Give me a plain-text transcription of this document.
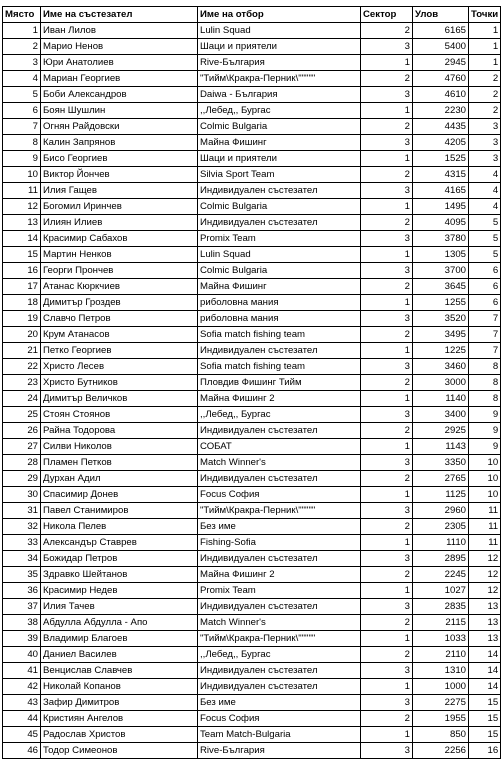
Място	Име на състезател	Име на отбор	Сектор	Улов	Точки
1	Иван Лилов	Lulin Squad	2	6165	1
2	Марио Ненов	Шаци и приятели	3	5400	1
3	Юри Анатолиев	Rive-България	1	2945	1
4	Мариан Георгиев	"Тийм\Кракра-Перник\"""""	2	4760	2
5	Боби Александров	Daiwa - България	3	4610	2
6	Боян Шушлин	,,Лебед,, Бургас	1	2230	2
7	Огнян Райдовски	Colmic Bulgaria	2	4435	3
8	Калин Запрянов	Майна Фишинг	3	4205	3
9	Бисо Георгиев	Шаци и приятели	1	1525	3
10	Виктор Йончев	Silvia Sport Team	2	4315	4
11	Илия Гащев	Индивидуален състезател	3	4165	4
12	Богомил Иринчев	Colmic Bulgaria	1	1495	4
13	Илиян Илиев	Индивидуален състезател	2	4095	5
14	Красимир Сабахов	Promix Team	3	3780	5
15	Мартин Ненков	Lulin Squad	1	1305	5
16	Георги Прончев	Colmic Bulgaria	3	3700	6
17	Атанас Кюркчиев	Майна Фишинг	2	3645	6
18	Димитър Гроздев	риболовна мания	1	1255	6
19	Славчо Петров	риболовна мания	3	3520	7
20	Крум Атанасов	Sofia match fishing team	2	3495	7
21	Петко Георгиев	Индивидуален състезател	1	1225	7
22	Христо Лесев	Sofia match fishing team	3	3460	8
23	Христо Бутников	Пловдив Фишинг Тийм	2	3000	8
24	Димитър Величков	Майна Фишинг 2	1	1140	8
25	Стоян Стоянов	,,Лебед,, Бургас	3	3400	9
26	Райна Тодорова	Индивидуален състезател	2	2925	9
27	Силви Николов	СОБАТ	1	1143	9
28	Пламен Петков	Match Winner's	3	3350	10
29	Дурхан Адил	Индивидуален състезател	2	2765	10
30	Спасимир Донев	Focus София	1	1125	10
31	Павел Станимиров	"Тийм\Кракра-Перник\"""""	3	2960	11
32	Никола Пелев	Без име	2	2305	11
33	Александър Ставрев	Fishing-Sofia	1	1110	11
34	Божидар Петров	Индивидуален състезател	3	2895	12
35	Здравко Шейтанов	Майна Фишинг 2	2	2245	12
36	Красимир Недев	Promix Team	1	1027	12
37	Илия Тачев	Индивидуален състезател	3	2835	13
38	Абдулла Абдулла - Апо	Match Winner's	2	2115	13
39	Владимир Благоев	"Тийм\Кракра-Перник\"""""	1	1033	13
40	Даниел Василев	,,Лебед,, Бургас	2	2110	14
41	Венцислав Славчев	Индивидуален състезател	3	1310	14
42	Николай Копанов	Индивидуален състезател	1	1000	14
43	Зафир Димитров	Без име	3	2275	15
44	Кристиян Ангелов	Focus София	2	1955	15
45	Радослав Христов	Team Match-Bulgaria	1	850	15
46	Тодор Симеонов	Rive-България	3	2256	16
